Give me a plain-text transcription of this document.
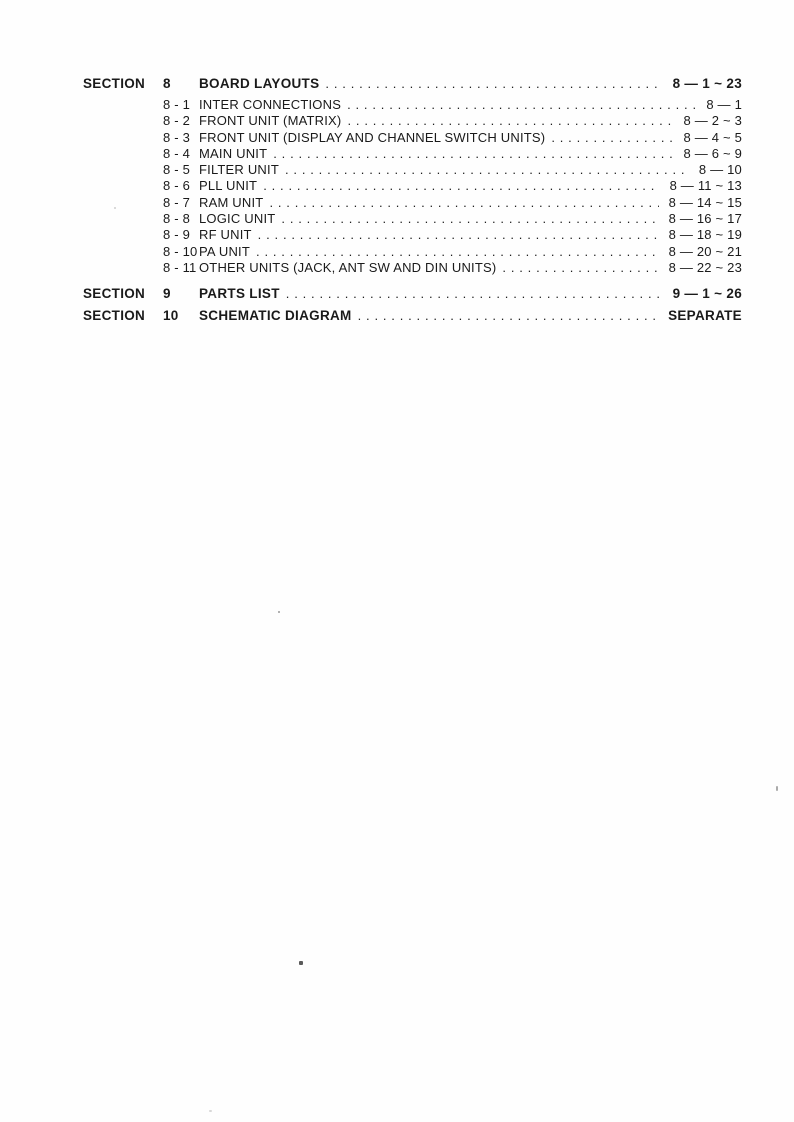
SECTION	8	BOARD LAYOUTS . . .	8 — 1 ~ 23
8 - 1 INTER CONNECTIONS . . .	8 — 1
8 - 2 FRONT UNIT (MATRIX) . . .	8 — 2 ~ 3
8 - 3 FRONT UNIT (DISPLAY AND CHANNEL SWITCH UNITS) . . .	8 — 4 ~ 5
8 - 4 MAIN UNIT . . .	8 — 6 ~ 9
8 - 5 FILTER UNIT . . .	8 — 10
8 - 6 PLL UNIT . . .	8 — 11 ~ 13
8 - 7 RAM UNIT . . .	8 — 14 ~ 15
8 - 8 LOGIC UNIT . . .	8 — 16 ~ 17
8 - 9 RF UNIT . . .	8 — 18 ~ 19
8 - 10 PA UNIT . . .	8 — 20 ~ 21
8 - 11 OTHER UNITS (JACK, ANT SW AND DIN UNITS) . . .	8 — 22 ~ 23
SECTION	9	PARTS LIST . . .	9 — 1 ~ 26
SECTION	10	SCHEMATIC DIAGRAM . . .	SEPARATE
